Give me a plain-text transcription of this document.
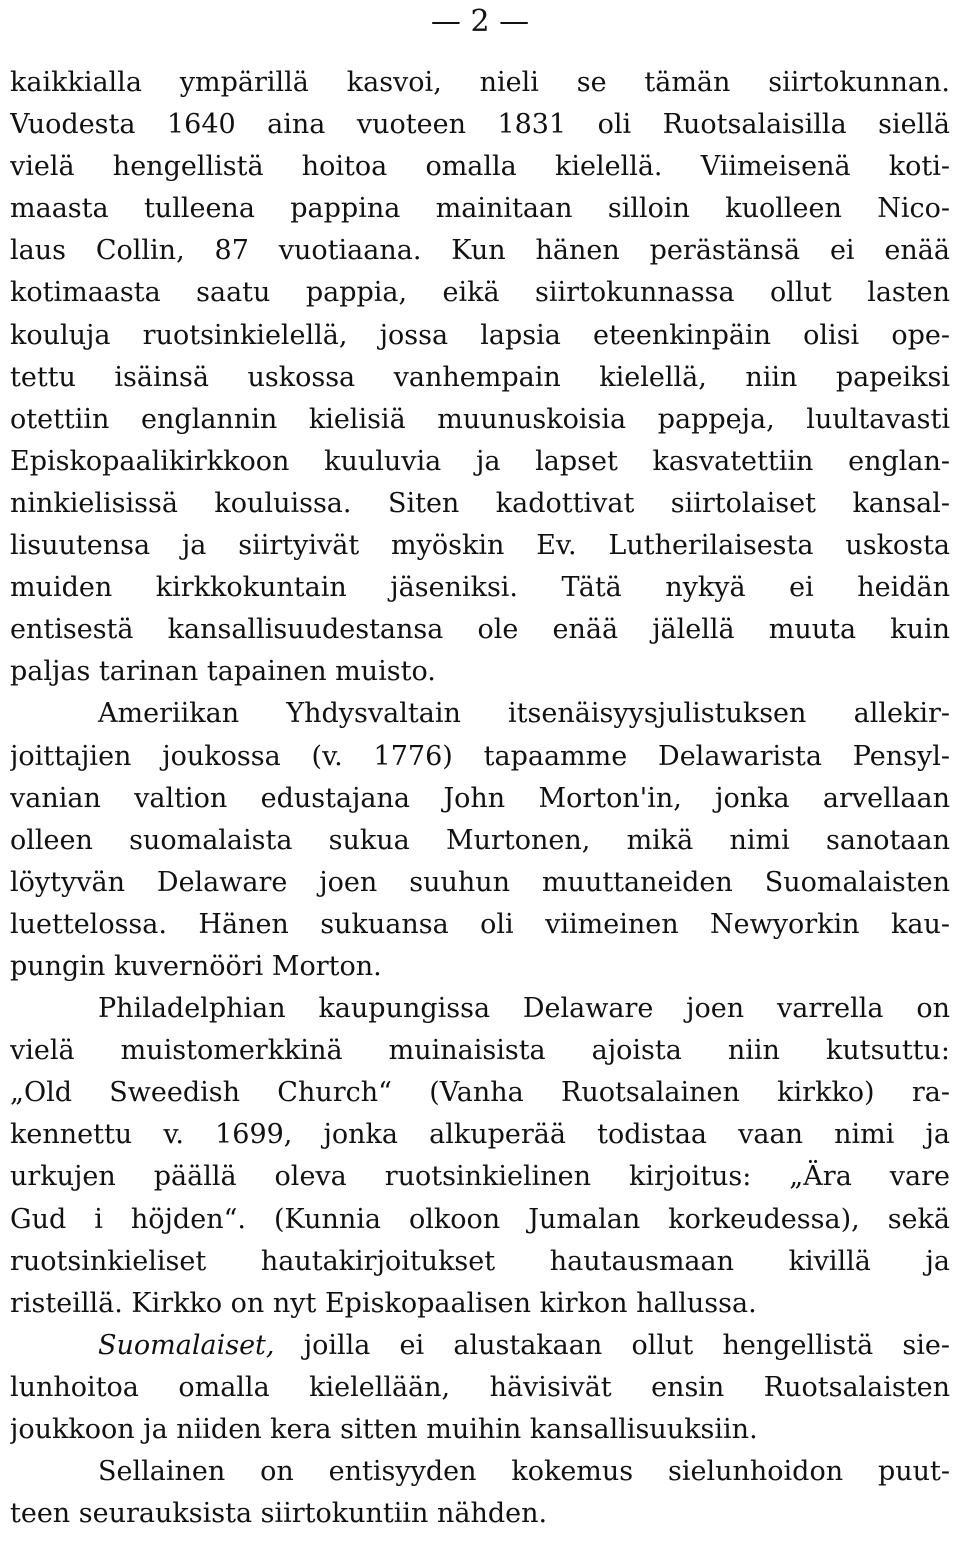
— 2 —
kaikkialla ympärillä kasvoi, nieli se tämän siirtokunnan.
Vuodesta 1640 aina vuoteen 1831 oli Ruotsalaisilla siellä
vielä hengellistä hoitoa omalla kielellä. Viimeisenä koti-
maasta tulleena pappina mainitaan silloin kuolleen Nico-
laus Collin, 87 vuotiaana. Kun hänen perästänsä ei enää
kotimaasta saatu pappia, eikä siirtokunnassa ollut lasten
kouluja ruotsinkielellä, jossa lapsia eteenkinpäin olisi ope-
tettu isäinsä uskossa vanhempain kielellä, niin papeiksi
otettiin englannin kielisiä muunuskoisia pappeja, luultavasti
Episkopaalikirkkoon kuuluvia ja lapset kasvatettiin englan-
ninkielisissä kouluissa. Siten kadottivat siirtolaiset kansal-
lisuutensa ja siirtyivät myöskin Ev. Lutherilaisesta uskosta
muiden kirkkokuntain jäseniksi. Tätä nykyä ei heidän
entisestä kansallisuudestansa ole enää jälellä muuta kuin
paljas tarinan tapainen muisto.
Ameriikan Yhdysvaltain itsenäisyysjulistuksen allekir-
joittajien joukossa (v. 1776) tapaamme Delawarista Pensyl-
vanian valtion edustajana John Morton'in, jonka arvellaan
olleen suomalaista sukua Murtonen, mikä nimi sanotaan
löytyvän Delaware joen suuhun muuttaneiden Suomalaisten
luettelossa. Hänen sukuansa oli viimeinen Newyorkin kau-
pungin kuvernööri Morton.
Philadelphian kaupungissa Delaware joen varrella on
vielä muistomerkkinä muinaisista ajoista niin kutsuttu:
„Old Sweedish Church“ (Vanha Ruotsalainen kirkko) ra-
kennettu v. 1699, jonka alkuperää todistaa vaan nimi ja
urkujen päällä oleva ruotsinkielinen kirjoitus: „Ära vare
Gud i höjden“. (Kunnia olkoon Jumalan korkeudessa), sekä
ruotsinkieliset hautakirjoitukset hautausmaan kivillä ja
risteillä. Kirkko on nyt Episkopaalisen kirkon hallussa.
Suomalaiset, joilla ei alustakaan ollut hengellistä sie-
lunhoitoa omalla kielellään, hävisivät ensin Ruotsalaisten
joukkoon ja niiden kera sitten muihin kansallisuuksiin.
Sellainen on entisyyden kokemus sielunhoidon puut-
teen seurauksista siirtokuntiin nähden.
